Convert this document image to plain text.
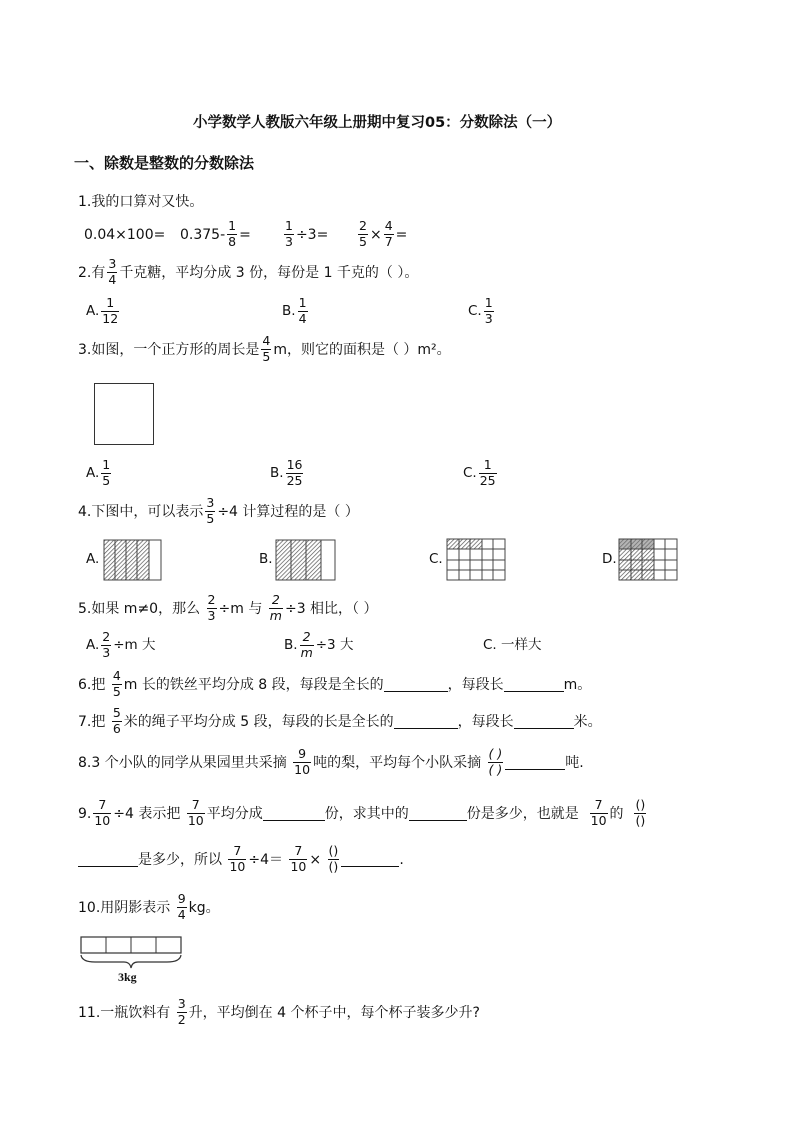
小学数学人教版六年级上册期中复习05：分数除法（一）
一、除数是整数的分数除法
1.我的口算对又快。
$0.04\times 100= 0.375- \frac{1}{8}$ =	$\frac{1}{3} \div 3= \frac{2}{5} \times \frac{4}{7}$ =
2.有 $\frac{3}{4}$ 千克糖，平均分成 3 份，每份是 1 千克的（ ）。
A. $\frac{1}{12}$	B. $\frac{1}{4}$	C. $\frac{1}{3}$
3.如图，一个正方形的周长是 $\frac{4}{5}$ m，则它的面积是（ ）m²。
A. $\frac{1}{5}$	B. $\frac{16}{25}$	C. $\frac{1}{25}$
4.下图中，可以表示 $\frac{3}{5} \div 4$ 计算过程的是（ ）
A.	B.	C.	D.
5.如果 m≠0，那么
$\frac{2}{3} \div m$ 与
$\frac{2}{m} \div 3$ 相比，（ ）
A. $\frac{2}{3} \div m$ 大	B. $\frac{2}{m} \div 3$ 大	C. 一样大
6.把
$\frac{4}{5}$ m 长的铁丝平均分成 8 段，每段是全长的	，每段长	m。
7.把
$\frac{5}{6}$ 米的绳子平均分成 5 段，每段的长是全长的	，每段长	米。
8.3 个小队的同学从果园里共采摘
$\frac{9}{10}$ 吨的梨，平均每个小队采摘
$\frac{( )}{( )}$	吨.
9. $\frac{7}{10} \div 4$ 表示把
$\frac{7}{10}$ 平均分成	份，求其中的	份是多少，也就是
$\frac{7}{10}$ 的
$\frac{()}{()}$
是多少，所以
$\frac{7}{10} \div 4=$
$\frac{7}{10}$ ×
$\frac{()}{()}$	.
10.用阴影表示
$\frac{9}{4}$ kg。
3kg
11.一瓶饮料有
$\frac{3}{2}$ 升，平均倒在 4 个杯子中，每个杯子装多少升?
